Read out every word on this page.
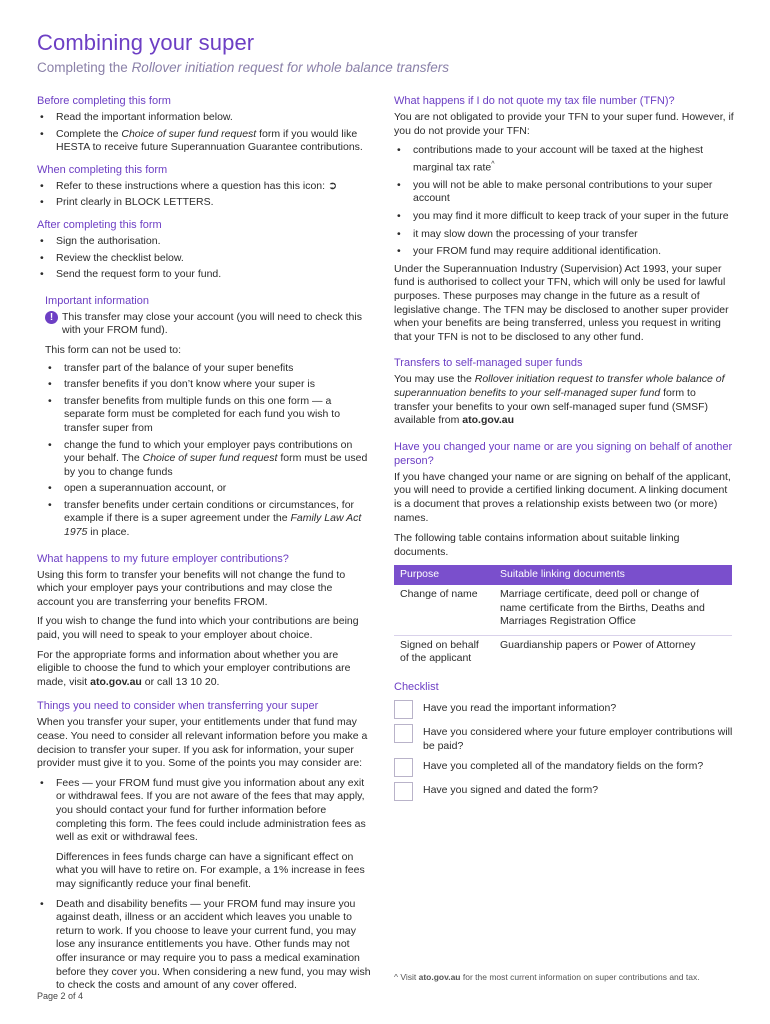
Combining your super
Completing the Rollover initiation request for whole balance transfers
Before completing this form
• Read the important information below.
• Complete the Choice of super fund request form if you would like HESTA to receive future Superannuation Guarantee contributions.
When completing this form
• Refer to these instructions where a question has this icon: ➲
• Print clearly in BLOCK LETTERS.
After completing this form
• Sign the authorisation.
• Review the checklist below.
• Send the request form to your fund.
Important information
! This transfer may close your account (you will need to check this with your FROM fund).

This form can not be used to:

• transfer part of the balance of your super benefits
• transfer benefits if you don’t know where your super is
• transfer benefits from multiple funds on this one form — a separate form must be completed for each fund you wish to transfer super from
• change the fund to which your employer pays contributions on your behalf. The Choice of super fund request form must be used by you to change funds
• open a superannuation account, or
• transfer benefits under certain conditions or circumstances, for example if there is a super agreement under the Family Law Act 1975 in place.
What happens to my future employer contributions?

Using this form to transfer your benefits will not change the fund to which your employer pays your contributions and may close the account you are transferring your benefits FROM.

If you wish to change the fund into which your contributions are being paid, you will need to speak to your employer about choice.

For the appropriate forms and information about whether you are eligible to choose the fund to which your employer contributions are made, visit ato.gov.au or call 13 10 20.

Things you need to consider when transferring your super

When you transfer your super, your entitlements under that fund may cease. You need to consider all relevant information before you make a decision to transfer your super. If you ask for information, your super provider must give it to you. Some of the points you may consider are:

• Fees — your FROM fund must give you information about any exit or withdrawal fees. If you are not aware of the fees that may apply, you should contact your fund for further information before completing this form. The fees could include administration fees as well as exit or withdrawal fees.

Differences in fees funds charge can have a significant effect on what you will have to retire on. For example, a 1% increase in fees may significantly reduce your final benefit.

• Death and disability benefits — your FROM fund may insure you against death, illness or an accident which leaves you unable to return to work. If you choose to leave your current fund, you may lose any insurance entitlements you have. Other funds may not offer insurance or may require you to pass a medical examination before they cover you. When considering a new fund, you may wish to check the costs and amount of any cover offered.
What happens if I do not quote my tax file number (TFN)?

You are not obligated to provide your TFN to your super fund. However, if you do not provide your TFN:

• contributions made to your account will be taxed at the highest marginal tax rate^
• you will not be able to make personal contributions to your super account
• you may find it more difficult to keep track of your super in the future
• it may slow down the processing of your transfer
• your FROM fund may require additional identification.

Under the Superannuation Industry (Supervision) Act 1993, your super fund is authorised to collect your TFN, which will only be used for lawful purposes. These purposes may change in the future as a result of legislative change. The TFN may be disclosed to another super provider when your benefits are being transferred, unless you request in writing that your TFN is not to be disclosed to any other fund.

Transfers to self-managed super funds

You may use the Rollover initiation request to transfer whole balance of superannuation benefits to your self-managed super fund form to transfer your benefits to your own self-managed super fund (SMSF) available from ato.gov.au

Have you changed your name or are you signing on behalf of another person?

If you have changed your name or are signing on behalf of the applicant, you will need to provide a certified linking document. A linking document is a document that proves a relationship exists between two (or more) names.

The following table contains information about suitable linking documents.

Purpose	Suitable linking documents
Change of name	Marriage certificate, deed poll or change of name certificate from the Births, Deaths and Marriages Registration Office
Signed on behalf of the applicant	Guardianship papers or Power of Attorney
Checklist
Have you read the important information?
Have you considered where your future employer contributions will be paid?
Have you completed all of the mandatory fields on the form?
Have you signed and dated the form?
^ Visit ato.gov.au for the most current information on super contributions and tax.
Page 2 of 4
